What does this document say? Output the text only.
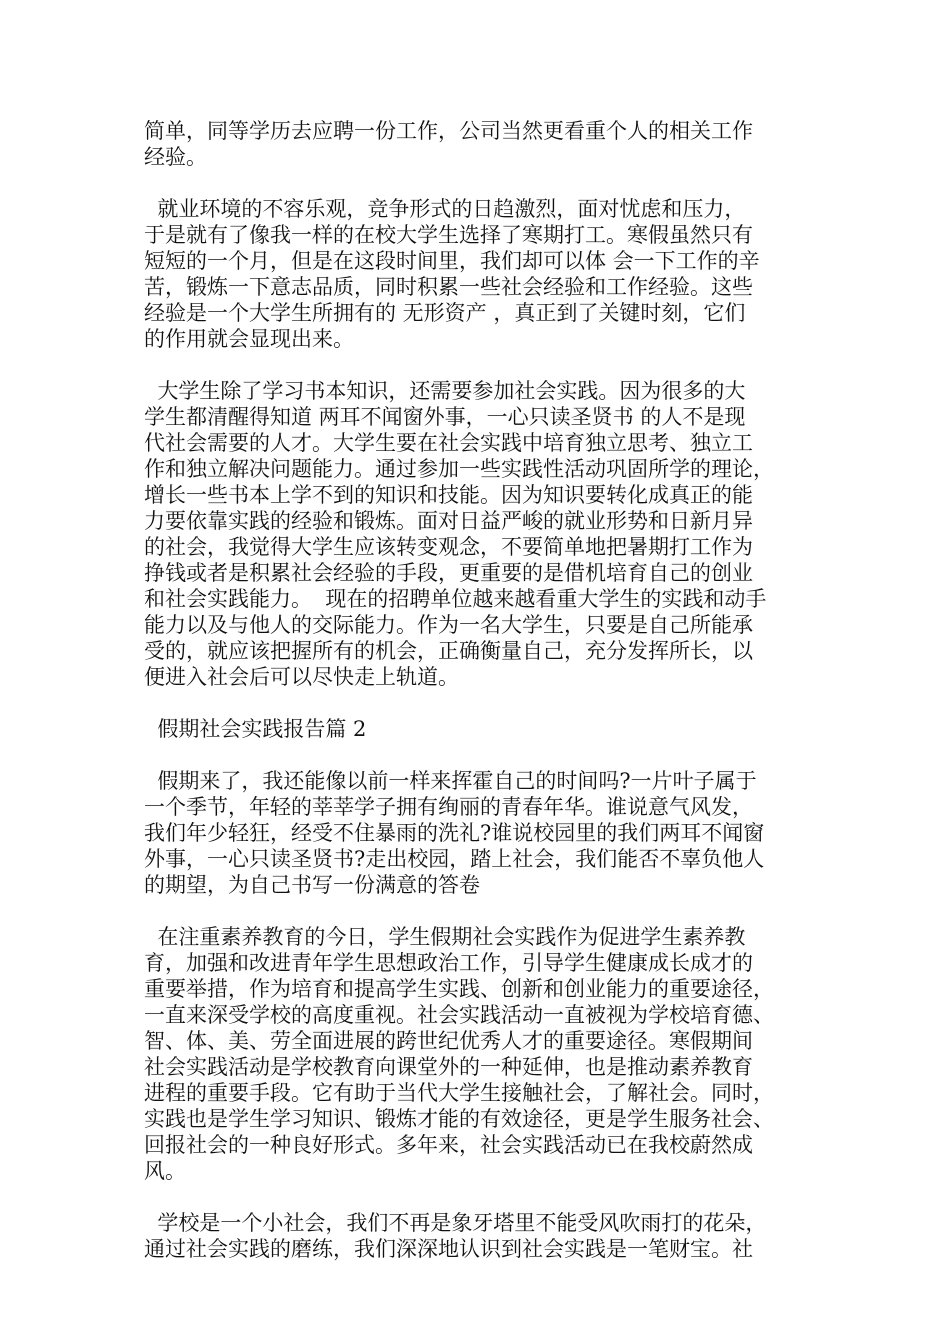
简单，同等学历去应聘一份工作，公司当然更看重个人的相关工作
经验。

就业环境的不容乐观，竞争形式的日趋激烈，面对忧虑和压力，
于是就有了像我一样的在校大学生选择了寒期打工。寒假虽然只有
短短的一个月，但是在这段时间里，我们却可以体 会一下工作的辛
苦，锻炼一下意志品质，同时积累一些社会经验和工作经验。这些
经验是一个大学生所拥有的 无形资产 ，真正到了关键时刻，它们
的作用就会显现出来。

大学生除了学习书本知识，还需要参加社会实践。因为很多的大
学生都清醒得知道 两耳不闻窗外事，一心只读圣贤书 的人不是现
代社会需要的人才。大学生要在社会实践中培育独立思考、独立工
作和独立解决问题能力。通过参加一些实践性活动巩固所学的理论，
增长一些书本上学不到的知识和技能。因为知识要转化成真正的能
力要依靠实践的经验和锻炼。面对日益严峻的就业形势和日新月异
的社会，我觉得大学生应该转变观念，不要简单地把暑期打工作为
挣钱或者是积累社会经验的手段，更重要的是借机培育自己的创业
和社会实践能力。  现在的招聘单位越来越看重大学生的实践和动手
能力以及与他人的交际能力。作为一名大学生，只要是自己所能承
受的，就应该把握所有的机会，正确衡量自己，充分发挥所长，以
便进入社会后可以尽快走上轨道。

假期社会实践报告篇 2

假期来了，我还能像以前一样来挥霍自己的时间吗?一片叶子属于
一个季节，年轻的莘莘学子拥有绚丽的青春年华。谁说意气风发，
我们年少轻狂，经受不住暴雨的洗礼?谁说校园里的我们两耳不闻窗
外事，一心只读圣贤书?走出校园，踏上社会，我们能否不辜负他人
的期望，为自己书写一份满意的答卷

在注重素养教育的今日，学生假期社会实践作为促进学生素养教
育，加强和改进青年学生思想政治工作，引导学生健康成长成才的
重要举措，作为培育和提高学生实践、创新和创业能力的重要途径，
一直来深受学校的高度重视。社会实践活动一直被视为学校培育德、
智、体、美、劳全面进展的跨世纪优秀人才的重要途径。寒假期间
社会实践活动是学校教育向课堂外的一种延伸，也是推动素养教育
进程的重要手段。它有助于当代大学生接触社会，了解社会。同时，
实践也是学生学习知识、锻炼才能的有效途径，更是学生服务社会、
回报社会的一种良好形式。多年来，社会实践活动已在我校蔚然成
风。

学校是一个小社会，我们不再是象牙塔里不能受风吹雨打的花朵，
通过社会实践的磨练，我们深深地认识到社会实践是一笔财宝。社
